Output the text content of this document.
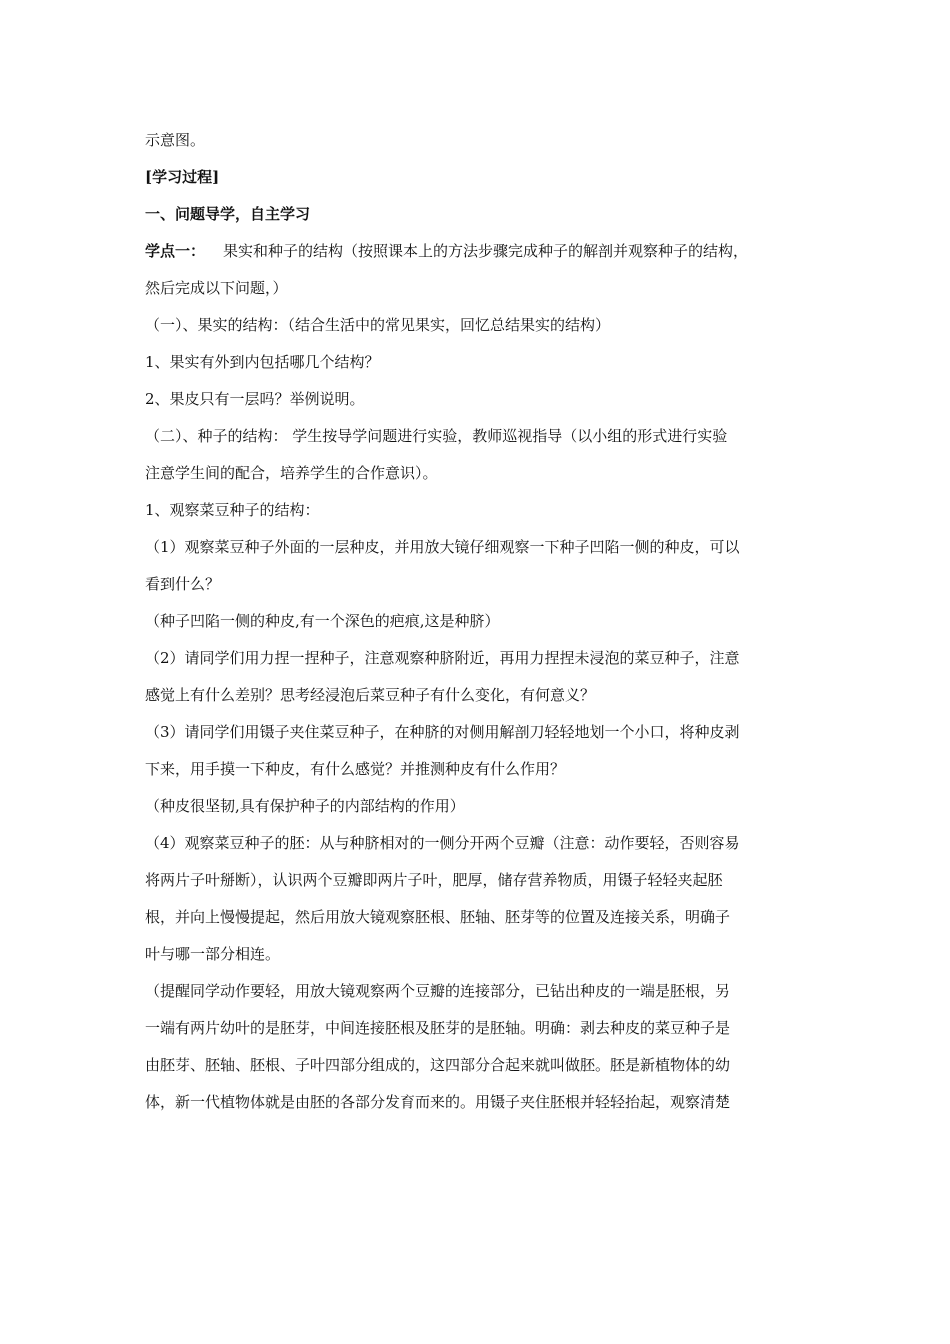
示意图。
[学习过程]
一、问题导学，自主学习
学点一： 果实和种子的结构（按照课本上的方法步骤完成种子的解剖并观察种子的结构，
然后完成以下问题，）
（一）、果实的结构：（结合生活中的常见果实，回忆总结果实的结构）
1、果实有外到内包括哪几个结构？
2、果皮只有一层吗？举例说明。
（二）、种子的结构： 学生按导学问题进行实验，教师巡视指导（以小组的形式进行实验
注意学生间的配合，培养学生的合作意识）。
1、观察菜豆种子的结构：
（1）观察菜豆种子外面的一层种皮，并用放大镜仔细观察一下种子凹陷一侧的种皮，可以
看到什么？
（种子凹陷一侧的种皮,有一个深色的疤痕,这是种脐）
（2）请同学们用力捏一捏种子，注意观察种脐附近，再用力捏捏未浸泡的菜豆种子，注意
感觉上有什么差别？思考经浸泡后菜豆种子有什么变化，有何意义？
（3）请同学们用镊子夹住菜豆种子，在种脐的对侧用解剖刀轻轻地划一个小口，将种皮剥
下来，用手摸一下种皮，有什么感觉？并推测种皮有什么作用？
（种皮很坚韧,具有保护种子的内部结构的作用）
（4）观察菜豆种子的胚：从与种脐相对的一侧分开两个豆瓣（注意：动作要轻，否则容易
将两片子叶掰断），认识两个豆瓣即两片子叶，肥厚，储存营养物质，用镊子轻轻夹起胚
根，并向上慢慢提起，然后用放大镜观察胚根、胚轴、胚芽等的位置及连接关系，明确子
叶与哪一部分相连。
（提醒同学动作要轻，用放大镜观察两个豆瓣的连接部分，已钻出种皮的一端是胚根，另
一端有两片幼叶的是胚芽，中间连接胚根及胚芽的是胚轴。明确：剥去种皮的菜豆种子是
由胚芽、胚轴、胚根、子叶四部分组成的，这四部分合起来就叫做胚。胚是新植物体的幼
体，新一代植物体就是由胚的各部分发育而来的。用镊子夹住胚根并轻轻抬起，观察清楚
